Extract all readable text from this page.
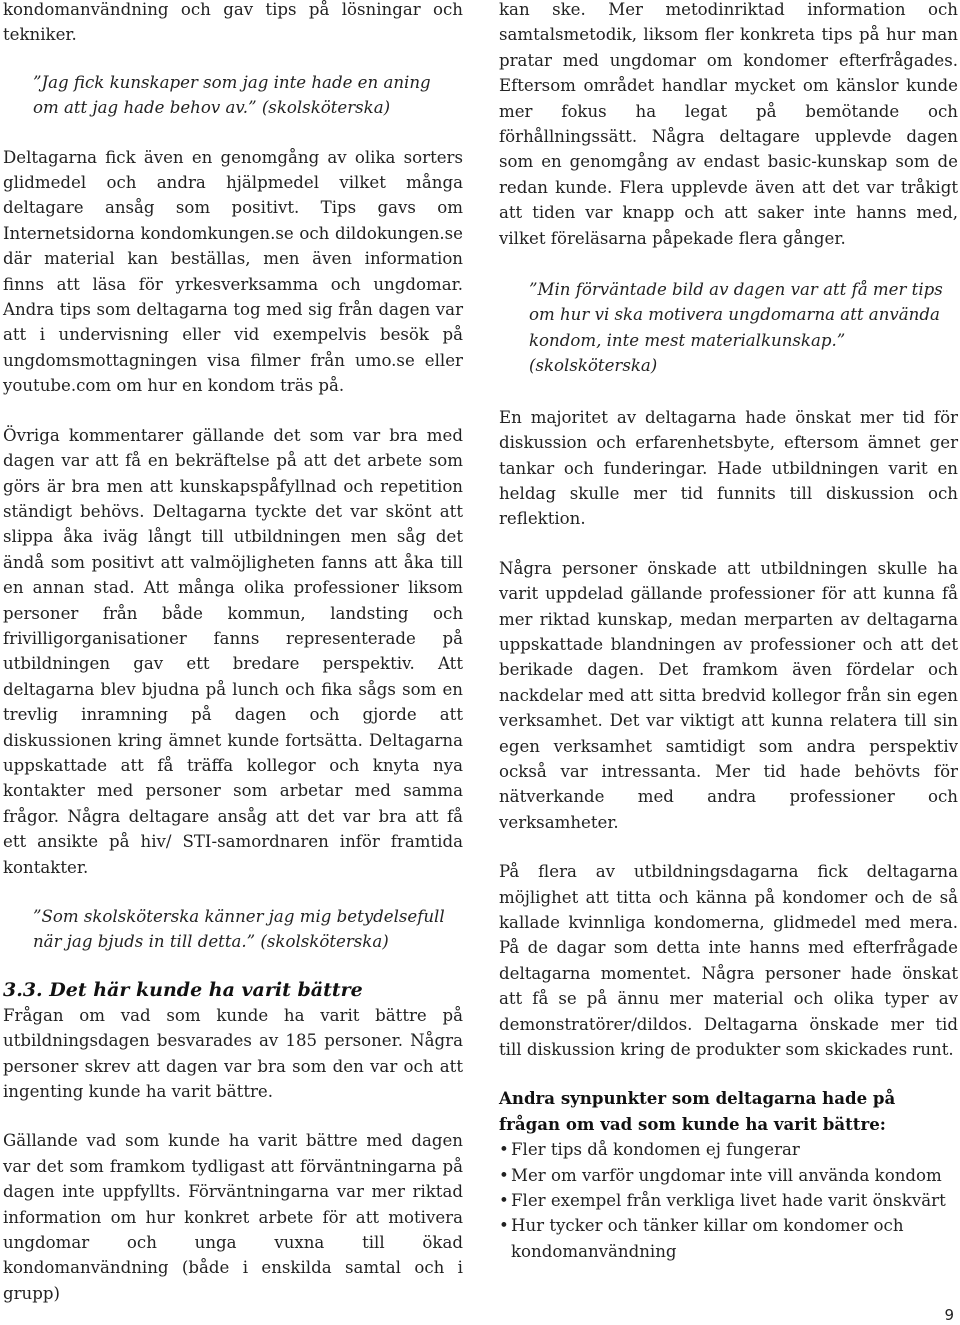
kondomanvändning och gav tips på lösningar och tekniker.

”Jag fick kunskaper som jag inte hade en aning om att jag hade behov av.” (skolsköterska)

Deltagarna fick även en genomgång av olika sorters glidmedel och andra hjälpmedel vilket många deltagare ansåg som positivt. Tips gavs om Internetsidorna kondomkungen.se och dildokungen.se där material kan beställas, men även information finns att läsa för yrkesverksamma och ungdomar. Andra tips som deltagarna tog med sig från dagen var att i undervisning eller vid exempelvis besök på ungdomsmottagningen visa filmer från umo.se eller youtube.com om hur en kondom träs på.

Övriga kommentarer gällande det som var bra med dagen var att få en bekräftelse på att det arbete som görs är bra men att kunskapspåfyllnad och repetition ständigt behövs. Deltagarna tyckte det var skönt att slippa åka iväg långt till utbildningen men såg det ändå som positivt att valmöjligheten fanns att åka till en annan stad. Att många olika professioner liksom personer från både kommun, landsting och frivilligorganisationer fanns representerade på utbildningen gav ett bredare perspektiv. Att deltagarna blev bjudna på lunch och fika sågs som en trevlig inramning på dagen och gjorde att diskussionen kring ämnet kunde fortsätta. Deltagarna uppskattade att få träffa kollegor och knyta nya kontakter med personer som arbetar med samma frågor. Några deltagare ansåg att det var bra att få ett ansikte på hiv/ STI-samordnaren inför framtida kontakter.

”Som skolsköterska känner jag mig betydelsefull när jag bjuds in till detta.” (skolsköterska)

3.3. Det här kunde ha varit bättre

Frågan om vad som kunde ha varit bättre på utbildningsdagen besvarades av 185 personer. Några personer skrev att dagen var bra som den var och att ingenting kunde ha varit bättre.

Gällande vad som kunde ha varit bättre med dagen var det som framkom tydligast att förväntningarna på dagen inte uppfyllts. Förväntningarna var mer riktad information om hur konkret arbete för att motivera ungdomar och unga vuxna till ökad kondomanvändning (både i enskilda samtal och i grupp)

kan ske. Mer metodinriktad information och samtalsmetodik, liksom fler konkreta tips på hur man pratar med ungdomar om kondomer efterfrågades. Eftersom området handlar mycket om känslor kunde mer fokus ha legat på bemötande och förhållningssätt. Några deltagare upplevde dagen som en genomgång av endast basic-kunskap som de redan kunde. Flera upplevde även att det var tråkigt att tiden var knapp och att saker inte hanns med, vilket föreläsarna påpekade flera gånger.

”Min förväntade bild av dagen var att få mer tips om hur vi ska motivera ungdomarna att använda kondom, inte mest materialkunskap.” (skolsköterska)

En majoritet av deltagarna hade önskat mer tid för diskussion och erfarenhetsbyte, eftersom ämnet ger tankar och funderingar. Hade utbildningen varit en heldag skulle mer tid funnits till diskussion och reflektion.

Några personer önskade att utbildningen skulle ha varit uppdelad gällande professioner för att kunna få mer riktad kunskap, medan merparten av deltagarna uppskattade blandningen av professioner och att det berikade dagen. Det framkom även fördelar och nackdelar med att sitta bredvid kollegor från sin egen verksamhet. Det var viktigt att kunna relatera till sin egen verksamhet samtidigt som andra perspektiv också var intressanta. Mer tid hade behövts för nätverkande med andra professioner och verksamheter.

På flera av utbildningsdagarna fick deltagarna möjlighet att titta och känna på kondomer och de så kallade kvinnliga kondomerna, glidmedel med mera. På de dagar som detta inte hanns med efterfrågade deltagarna momentet. Några personer hade önskat att få se på ännu mer material och olika typer av demonstratörer/dildos. Deltagarna önskade mer tid till diskussion kring de produkter som skickades runt.

Andra synpunkter som deltagarna hade på frågan om vad som kunde ha varit bättre:

• Fler tips då kondomen ej fungerar
• Mer om varför ungdomar inte vill använda kondom
• Fler exempel från verkliga livet hade varit önskvärt
• Hur tycker och tänker killar om kondomer och kondomanvändning
9
